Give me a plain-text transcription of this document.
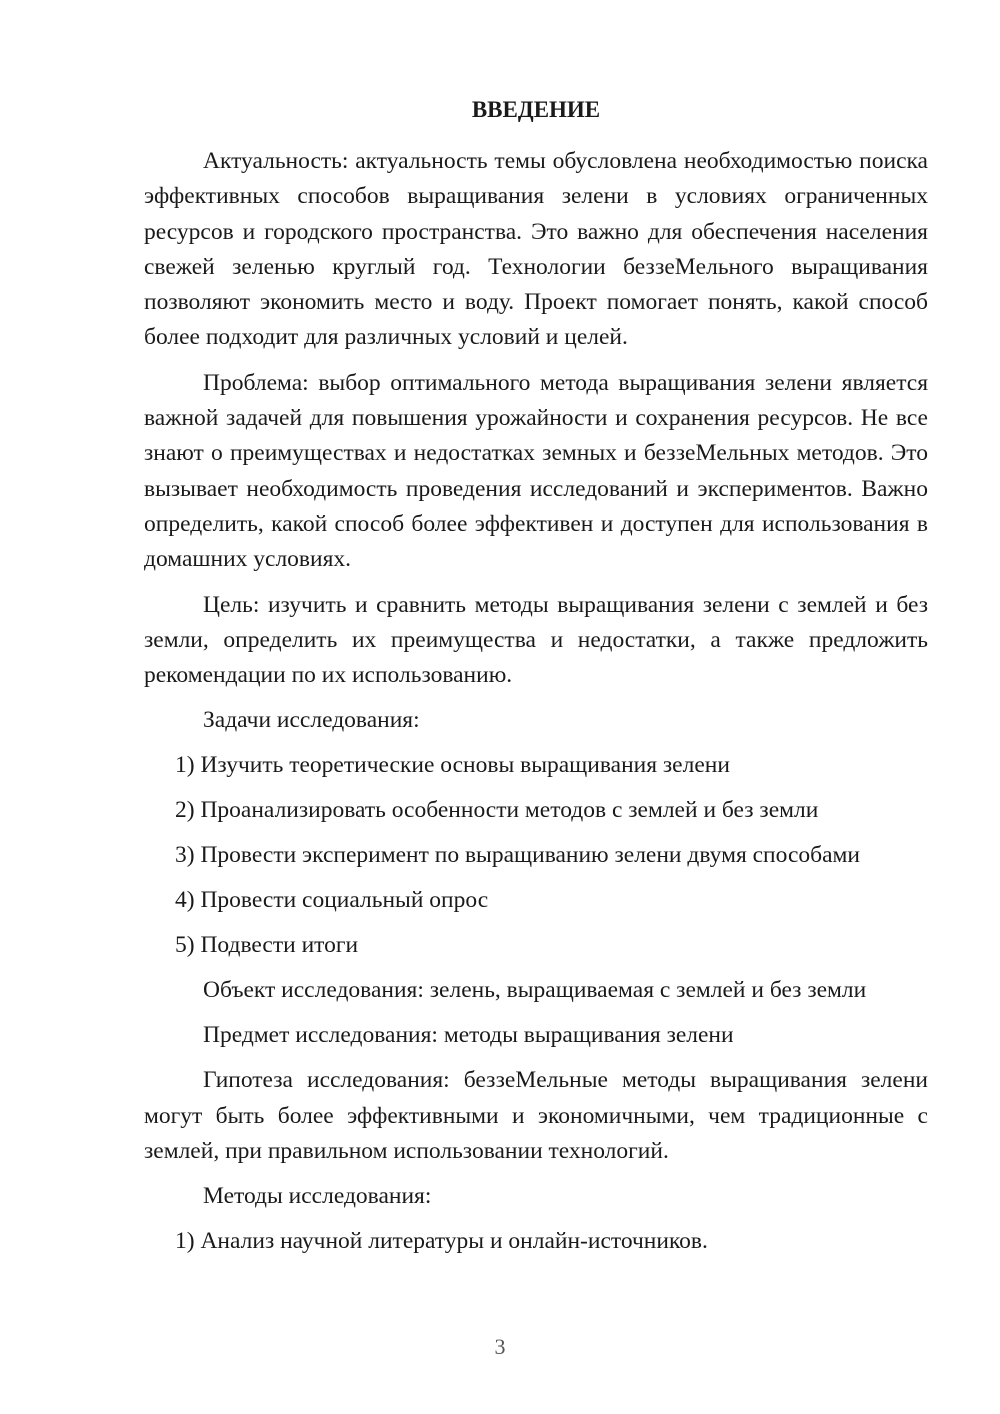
ВВЕДЕНИЕ

Актуальность: актуальность темы обусловлена необходимостью поиска эффективных способов выращивания зелени в условиях ограниченных ресурсов и городского пространства. Это важно для обеспечения населения свежей зеленью круглый год. Технологии беззеMельного выращивания позволяют экономить место и воду. Проект помогает понять, какой способ более подходит для различных условий и целей.

Проблема: выбор оптимального метода выращивания зелени является важной задачей для повышения урожайности и сохранения ресурсов. Не все знают о преимуществах и недостатках земных и беззеMельных методов. Это вызывает необходимость проведения исследований и экспериментов. Важно определить, какой способ более эффективен и доступен для использования в домашних условиях.

Цель: изучить и сравнить методы выращивания зелени с землей и без земли, определить их преимущества и недостатки, а также предложить рекомендации по их использованию.

Задачи исследования:
1) Изучить теоретические основы выращивания зелени
2) Проанализировать особенности методов с землей и без земли
3) Провести эксперимент по выращиванию зелени двумя способами
4) Провести социальный опрос
5) Подвести итоги
Объект исследования: зелень, выращиваемая с землей и без земли
Предмет исследования: методы выращивания зелени

Гипотеза исследования: беззеMельные методы выращивания зелени могут быть более эффективными и экономичными, чем традиционные с землей, при правильном использовании технологий.

Методы исследования:
1) Анализ научной литературы и онлайн-источников.
3
